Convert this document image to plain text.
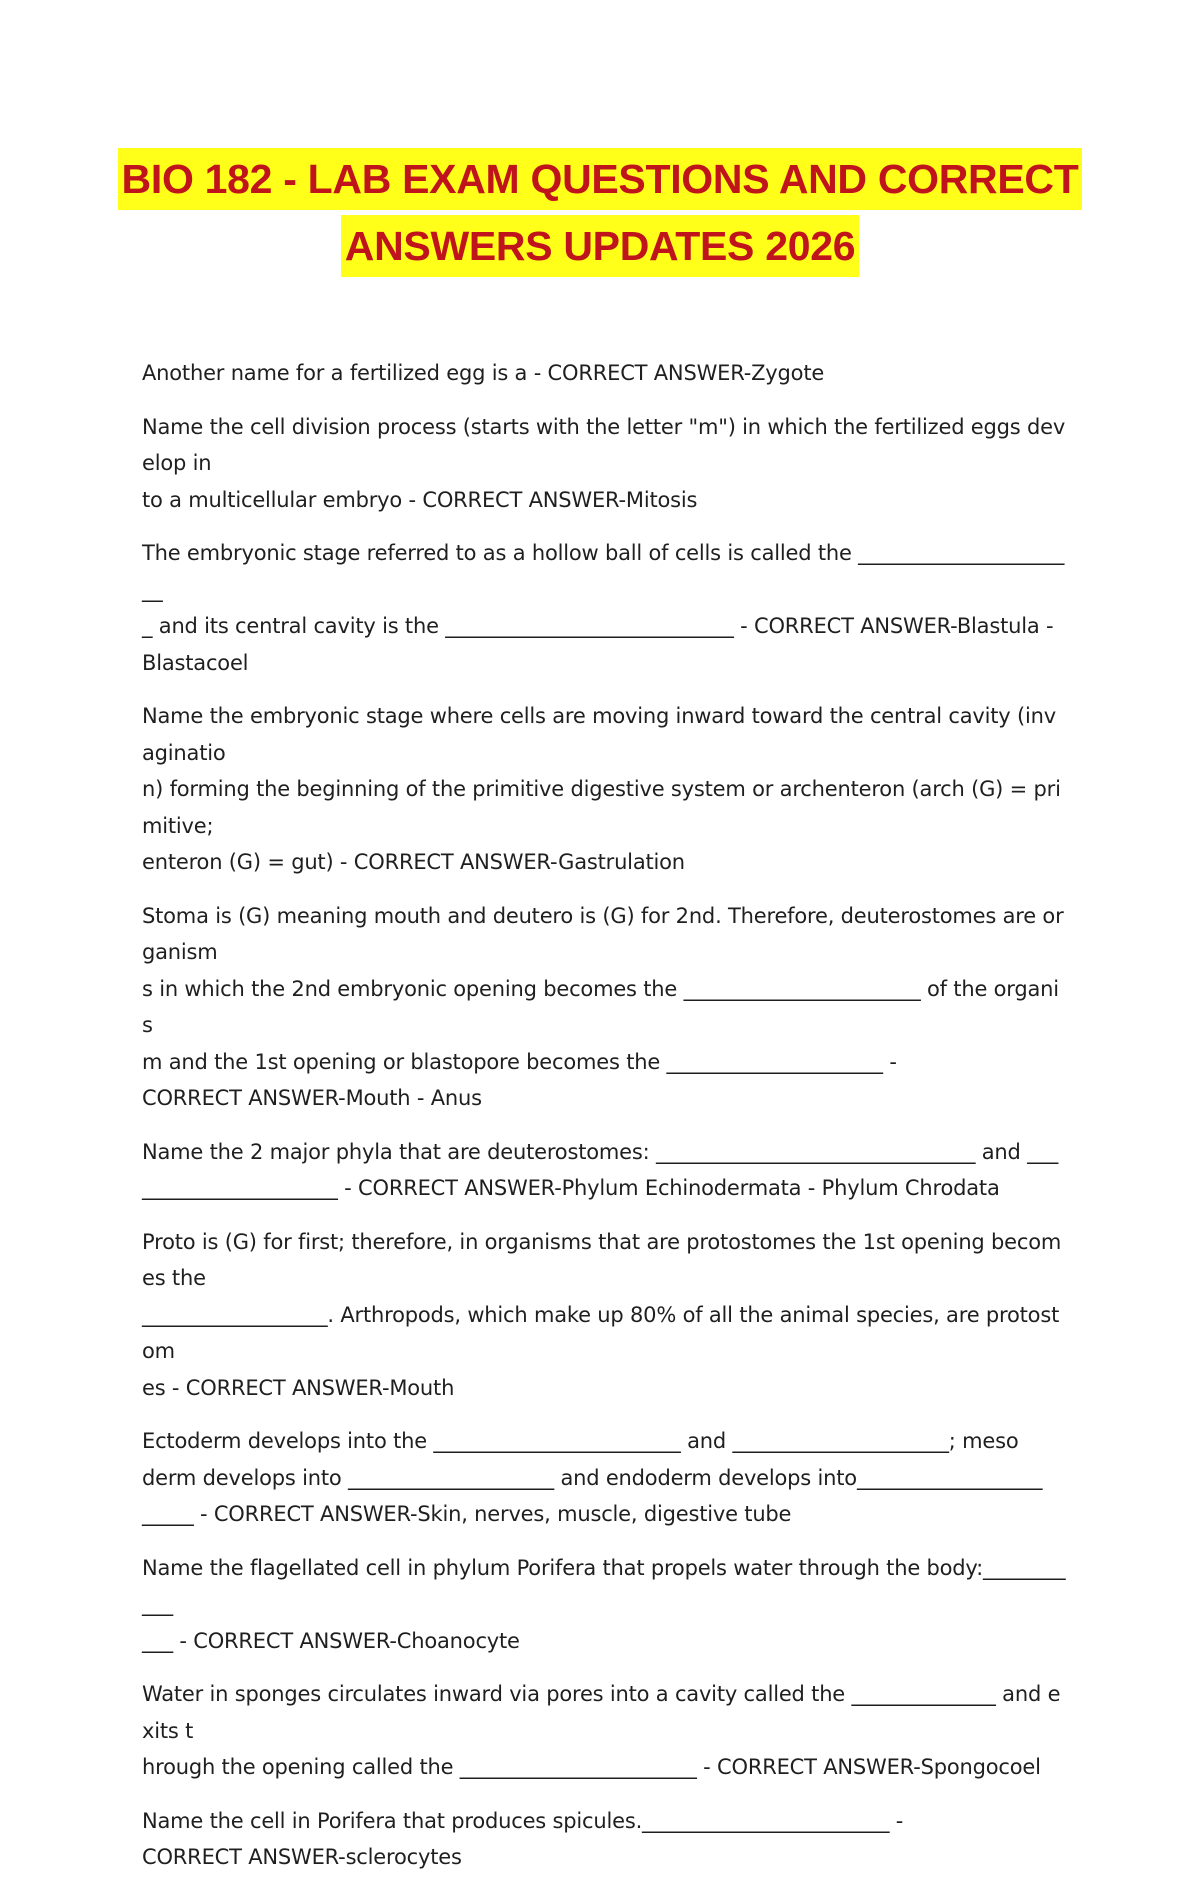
BIO 182 - LAB EXAM QUESTIONS AND CORRECT
ANSWERS UPDATES 2026
Another name for a fertilized egg is a - CORRECT ANSWER-Zygote
Name the cell division process (starts with the letter "m") in which the fertilized eggs develop in
to a multicellular embryo - CORRECT ANSWER-Mitosis
The embryonic stage referred to as a hollow ball of cells is called the ______________________
_ and its central cavity is the ____________________________ - CORRECT ANSWER-Blastula -
Blastacoel
Name the embryonic stage where cells are moving inward toward the central cavity (invaginatio
n) forming the beginning of the primitive digestive system or archenteron (arch (G) = primitive;
enteron (G) = gut) - CORRECT ANSWER-Gastrulation
Stoma is (G) meaning mouth and deutero is (G) for 2nd. Therefore, deuterostomes are organism
s in which the 2nd embryonic opening becomes the _______________________ of the organis
m and the 1st opening or blastopore becomes the _____________________ -
CORRECT ANSWER-Mouth - Anus
Name the 2 major phyla that are deuterostomes: _______________________________ and ___
___________________ - CORRECT ANSWER-Phylum Echinodermata - Phylum Chrodata
Proto is (G) for first; therefore, in organisms that are protostomes the 1st opening becomes the
__________________. Arthropods, which make up 80% of all the animal species, are protostom
es - CORRECT ANSWER-Mouth
Ectoderm develops into the ________________________ and _____________________; meso
derm develops into ____________________ and endoderm develops into__________________
_____ - CORRECT ANSWER-Skin, nerves, muscle, digestive tube
Name the flagellated cell in phylum Porifera that propels water through the body:___________
___ - CORRECT ANSWER-Choanocyte
Water in sponges circulates inward via pores into a cavity called the ______________ and exits t
hrough the opening called the _______________________ - CORRECT ANSWER-Spongocoel
Name the cell in Porifera that produces spicules.________________________ -
CORRECT ANSWER-sclerocytes
